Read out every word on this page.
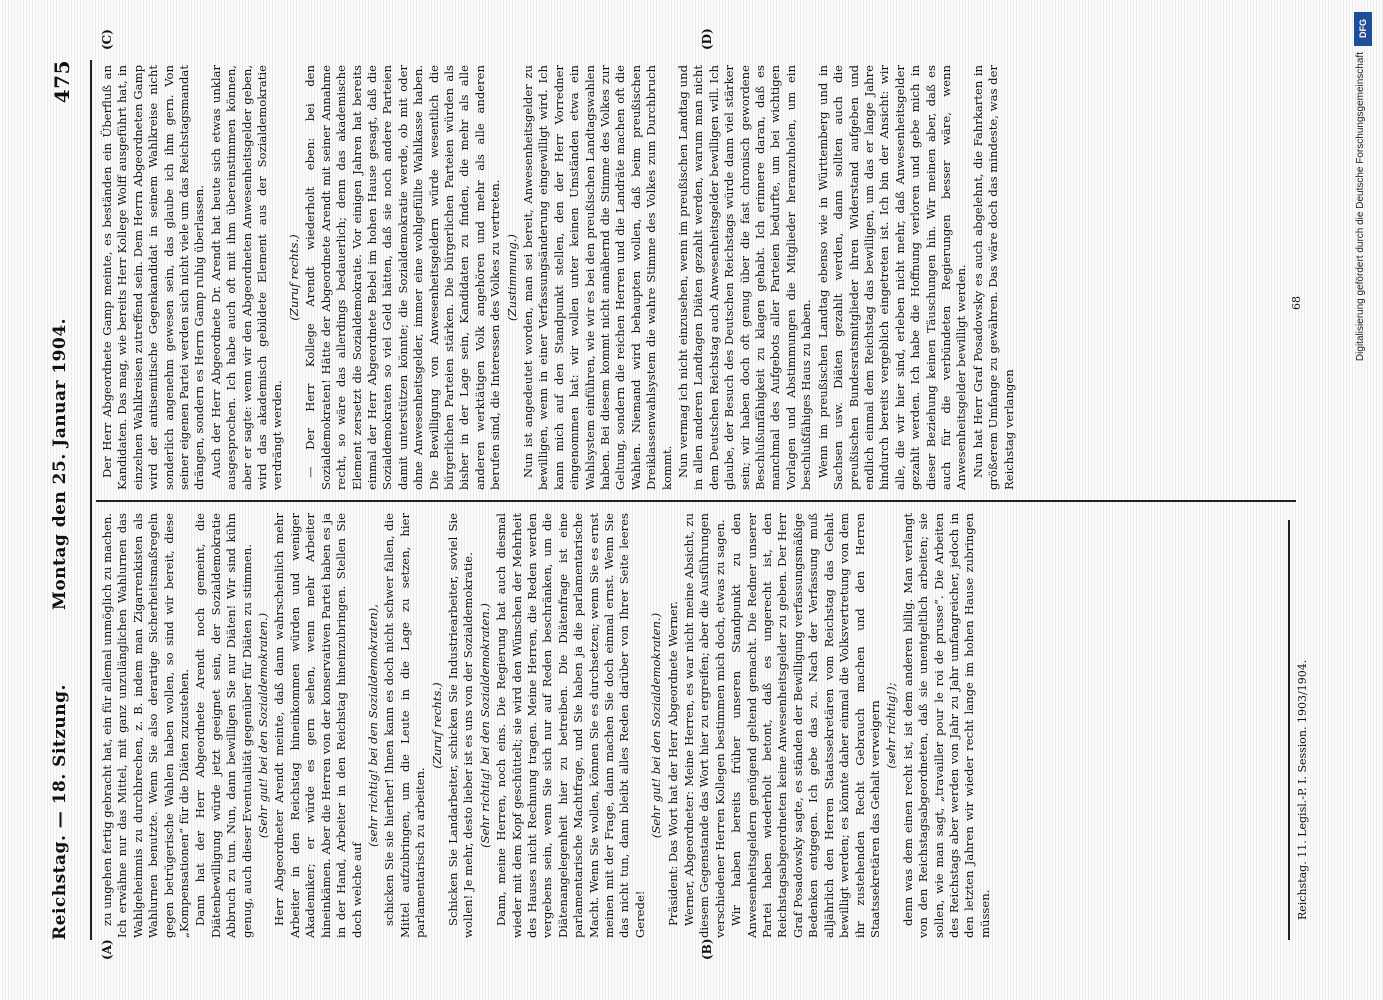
Reichstag. — 18. Sitzung.
Montag den 25. Januar 1904.
475
(A)	(B)
(C)	(D)

zu ungehen fertig gebracht hat, ein für allemal unmöglich zu machen. Ich erwähne nur das Mittel, mit ganz unzulänglichen Wahlurnen das Wahlgeheimnis zu durchbrechen, z. B. indem man Zigarrenkisten als Wahlurnen benutzte. Wenn Sie also derartige Sicherheitsmaßregeln gegen betrügerische Wahlen haben wollen, so sind wir bereit, diese „Kompensationen“ für die Diäten zuzustehen. Dann hat der Herr Abgeordnete Arendt noch gemeint, die Diätenbewilligung würde jetzt geeignet sein, der Sozialdemokratie Abbruch zu tun. Nun, dann bewilligen Sie nur Diäten! Wir sind kühn genug, auch dieser Eventualität gegenüber für Diäten zu stimmen. (Sehr gut! bei den Sozialdemokraten.) Herr Abgeordneter Arendt meinte, daß dann wahrscheinlich mehr Arbeiter in den Reichstag hineinkommen würden und weniger Akademiker; er würde es gern sehen, wenn mehr Arbeiter hineinkämen. Aber die Herren von der konservativen Partei haben es ja in der Hand, Arbeiter in den Reichstag hineinzubringen. Stellen Sie doch welche auf

(sehr richtig! bei den Sozialdemokraten), schicken Sie sie hierher! Ihnen kann es doch nicht schwer fallen, die Mittel aufzubringen, um die Leute in die Lage zu setzen, hier parlamentarisch zu arbeiten.

(Zuruf rechts.) Schicken Sie Landarbeiter, schicken Sie Industriearbeiter, soviel Sie wollen! Je mehr, desto lieber ist es uns von der Sozialdemokratie. (Sehr richtig! bei den Sozialdemokraten.) Dann, meine Herren, noch eins. Die Regierung hat auch diesmal wieder mit dem Kopf geschüttelt; sie wird den Wünschen der Mehrheit des Hauses nicht Rechnung tragen. Meine Herren, die Reden werden vergebens sein, wenn Sie sich nur auf Reden beschränken, um die Diätenangelegenheit hier zu betreiben. Die Diätenfrage ist eine parlamentarische Machtfrage, und Sie haben ja die parlamentarische Macht. Wenn Sie wollen, können Sie es durchsetzen; wenn Sie es ernst meinen mit der Frage, dann machen Sie doch einmal ernst. Wenn Sie das nicht tun, dann bleibt alles Reden darüber von Ihrer Seite leeres Gerede!

(Sehr gut! bei den Sozialdemokraten.) Präsident: Das Wort hat der Herr Abgeordnete Werner. Werner, Abgeordneter: Meine Herren, es war nicht meine Absicht, zu diesem Gegenstande das Wort hier zu ergreifen; aber die Ausführungen verschiedener Herren Kollegen bestimmen mich doch, etwas zu sagen. Wir haben bereits früher unseren Standpunkt zu den Anwesenheitsgeldern genügend geltend gemacht. Die Redner unserer Partei haben wiederholt betont, daß es ungerecht ist, den Reichstagsabgeordneten keine Anwesenheitsgelder zu geben. Der Herr Graf Posadowsky sagte, es ständen der Bewilligung verfassungsmäßige Bedenken entgegen. Ich gebe das zu. Nach der Verfassung muß alljährlich den Herren Staatssekretären vom Reichstag das Gehalt bewilligt werden; es könnte daher einmal die Volksvertretung von dem ihr zustehenden Recht Gebrauch machen und den Herren Staatssekretären das Gehalt verweigern (sehr richtig!); denn was dem einen recht ist, ist dem anderen billig. Man verlangt von den Reichstagsabgeordneten, daß sie unentgeltlich arbeiten; sie sollen, wie man sagt, „travailler pour le roi de prusse“. Die Arbeiten des Reichstags aber werden von Jahr zu Jahr umfangreicher, jedoch in den letzten Jahren wir wieder recht lange im hohen Hause zubringen müssen.

Der Herr Abgeordnete Gamp meinte, es beständen ein Überfluß an Kandidaten. Das mag, wie bereits Herr Kollege Wolff ausgeführt hat, in einzelnen Wahlkreisen zutreffend sein. Dem Herrn Abgeordneten Gamp wird der antisemitische Gegenkandidat in seinem Wahlkreise nicht sonderlich angenehm gewesen sein, das glaube ich ihm gern. Von seiner eigenen Partei werden sich nicht viele um das Reichstagsmandat drängen, sondern es Herrn Gamp ruhig überlassen. Auch der Herr Abgeordnete Dr. Arendt hat heute sich etwas unklar ausgesprochen. Ich habe auch oft mit ihm übereinstimmen können, aber er sagte: wenn wir den Abgeordneten Anwesenheitsgelder geben, wird das akademisch gebildete Element aus der Sozialdemokratie verdrängt werden.

(Zuruf rechts.) — Der Herr Kollege Arendt wiederholt eben: bei den Sozialdemokraten! Hätte der Abgeordnete Arendt mit seiner Annahme recht, so wäre das allerdings bedauerlich; denn das akademische Element zersetzt die Sozialdemokratie. Vor einigen Jahren hat bereits einmal der Herr Abgeordnete Bebel im hohen Hause gesagt, daß die Sozialdemokraten so viel Geld hätten, daß sie noch andere Parteien damit unterstützen könnte; die Sozialdemokratie werde, ob mit oder ohne Anwesenheitsgelder, immer eine wohlgefüllte Wahlkasse haben. Die Bewilligung von Anwesenheitsgeldern würde wesentlich die bürgerlichen Parteien stärken. Die bürgerlichen Parteien würden als bisher in der Lage sein, Kandidaten zu finden, die mehr als alle anderen werktätigen Volk angehören und mehr als alle anderen berufen sind, die Interessen des Volkes zu vertreten. (Zustimmung.) Nun ist angedeutet worden, man sei bereit, Anwesenheitsgelder zu bewilligen, wenn in einer Verfassungsänderung eingewilligt wird. Ich kann mich auf den Standpunkt stellen, den der Herr Vorredner eingenommen hat: wir wollen unter keinen Umständen etwa ein Wahlsystem einführen, wie wir es bei den preußischen Landtagswahlen haben. Bei diesem kommt nicht annähernd die Stimme des Volkes zur Geltung, sondern die reichen Herren und die Landräte machen oft die Wahlen. Niemand wird behaupten wollen, daß beim preußischen Dreiklassenwahlsystem die wahre Stimme des Volkes zum Durchbruch kommt. Nun vermag ich nicht einzusehen, wenn im preußischen Landtag und in allen anderen Landtagen Diäten gezahlt werden, warum man nicht dem Deutschen Reichstag auch Anwesenheitsgelder bewilligen will. Ich glaube, der Besuch des Deutschen Reichstags würde dann viel stärker sein; wir haben doch oft genug über die fast chronisch gewordene Beschlußunfähigkeit zu klagen gehabt. Ich erinnere daran, daß es manchmal des Aufgebots aller Parteien bedurfte, um bei wichtigen Vorlagen und Abstimmungen die Mitglieder heranzuholen, um ein beschlußfähiges Haus zu haben. Wenn im preußischen Landtag ebenso wie in Württemberg und in Sachsen usw. Diäten gezahlt werden, dann sollten auch die preußischen Bundesratsmitglieder ihren Widerstand aufgeben und endlich einmal dem Reichstag das bewilligen, um das er lange Jahre hindurch bereits vergeblich eingetreten ist. Ich bin der Ansicht: wir alle, die wir hier sind, erleben nicht mehr, daß Anwesenheitsgelder gezahlt werden. Ich habe die Hoffnung verloren und gebe mich in dieser Beziehung keinen Täuschungen hin. Wir meinen aber, daß es auch für die verbündeten Regierungen besser wäre, wenn Anwesenheitsgelder bewilligt werden. Nun hat Herr Graf Posadowsky es auch abgelehnt, die Fahrkarten in größerem Umfange zu gewähren. Das wäre doch das mindeste, was der Reichstag verlangen

Reichstag. 11. Legisl.-P. I. Session. 1903/1904.
68
DFG
Digitalisierung gefördert durch die Deutsche Forschungsgemeinschaft
